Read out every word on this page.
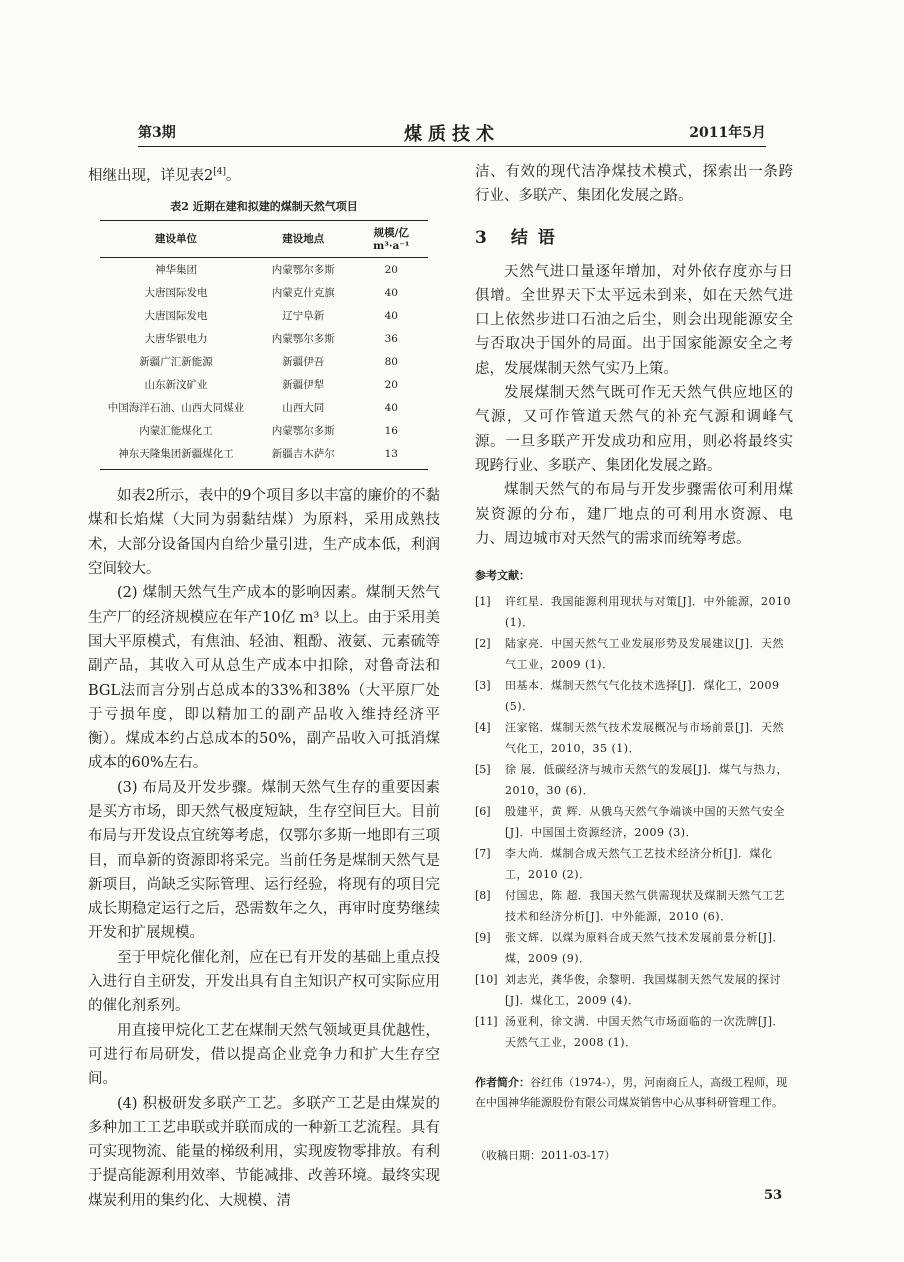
第3期	煤质技术	2011年5月

相继出现，详见表2[4]。

表2 近期在建和拟建的煤制天然气项目
建设单位	建设地点	规模/亿 m³·a⁻¹
神华集团	内蒙鄂尔多斯	20
大唐国际发电	内蒙克什克旗	40
大唐国际发电	辽宁阜新	40
大唐华银电力	内蒙鄂尔多斯	36
新疆广汇新能源	新疆伊吾	80
山东新汶矿业	新疆伊犁	20
中国海洋石油、山西大同煤业	山西大同	40
内蒙汇能煤化工	内蒙鄂尔多斯	16
神东天隆集团新疆煤化工	新疆吉木萨尔	13

如表2所示，表中的9个项目多以丰富的廉价的不黏煤和长焰煤（大同为弱黏结煤）为原料，采用成熟技术，大部分设备国内自给少量引进，生产成本低，利润空间较大。

(2) 煤制天然气生产成本的影响因素。煤制天然气生产厂的经济规模应在年产10亿 m³ 以上。由于采用美国大平原模式，有焦油、轻油、粗酚、液氨、元素硫等副产品，其收入可从总生产成本中扣除，对鲁奇法和BGL法而言分别占总成本的33%和38%（大平原厂处于亏损年度，即以精加工的副产品收入维持经济平衡）。煤成本约占总成本的50%，副产品收入可抵消煤成本的60%左右。

(3) 布局及开发步骤。煤制天然气生存的重要因素是买方市场，即天然气极度短缺，生存空间巨大。目前布局与开发设点宜统筹考虑，仅鄂尔多斯一地即有三项目，而阜新的资源即将采完。当前任务是煤制天然气是新项目，尚缺乏实际管理、运行经验，将现有的项目完成长期稳定运行之后，恐需数年之久，再审时度势继续开发和扩展规模。

至于甲烷化催化剂，应在已有开发的基础上重点投入进行自主研发，开发出具有自主知识产权可实际应用的催化剂系列。

用直接甲烷化工艺在煤制天然气领域更具优越性，可进行布局研发，借以提高企业竞争力和扩大生存空间。

(4) 积极研发多联产工艺。多联产工艺是由煤炭的多种加工工艺串联或并联而成的一种新工艺流程。具有可实现物流、能量的梯级利用，实现废物零排放。有利于提高能源利用效率、节能减排、改善环境。最终实现煤炭利用的集约化、大规模、清

洁、有效的现代洁净煤技术模式，探索出一条跨行业、多联产、集团化发展之路。

3 结 语

天然气进口量逐年增加，对外依存度亦与日俱增。全世界天下太平远未到来，如在天然气进口上依然步进口石油之后尘，则会出现能源安全与否取决于国外的局面。出于国家能源安全之考虑，发展煤制天然气实乃上策。

发展煤制天然气既可作无天然气供应地区的气源，又可作管道天然气的补充气源和调峰气源。一旦多联产开发成功和应用，则必将最终实现跨行业、多联产、集团化发展之路。

煤制天然气的布局与开发步骤需依可利用煤炭资源的分布，建厂地点的可利用水资源、电力、周边城市对天然气的需求而统筹考虑。

参考文献：
[1]	许红星．我国能源利用现状与对策[J]．中外能源，2010 (1)．
[2]	陆家亮．中国天然气工业发展形势及发展建议[J]．天然气工业，2009 (1)．
[3]	田基本．煤制天然气气化技术选择[J]．煤化工，2009 (5)．
[4]	汪家铭．煤制天然气技术发展概况与市场前景[J]．天然气化工，2010，35 (1)．
[5]	徐 展．低碳经济与城市天然气的发展[J]．煤气与热力，2010，30 (6)．
[6]	殷建平，黄 辉．从俄乌天然气争端谈中国的天然气安全[J]．中国国土资源经济，2009 (3)．
[7]	李大尚．煤制合成天然气工艺技术经济分析[J]．煤化工，2010 (2)．
[8]	付国忠，陈 超．我国天然气供需现状及煤制天然气工艺技术和经济分析[J]．中外能源，2010 (6)．
[9]	张文辉．以煤为原料合成天然气技术发展前景分析[J]．煤，2009 (9)．
[10] 刘志光，龚华俊，余黎明．我国煤制天然气发展的探讨[J]．煤化工，2009 (4)．
[11] 汤亚利，徐文满．中国天然气市场面临的一次洗牌[J]．天然气工业，2008 (1)．
作者简介：谷红伟（1974-），男，河南商丘人，高级工程师，现在中国神华能源股份有限公司煤炭销售中心从事科研管理工作。
（收稿日期：2011-03-17）
53
